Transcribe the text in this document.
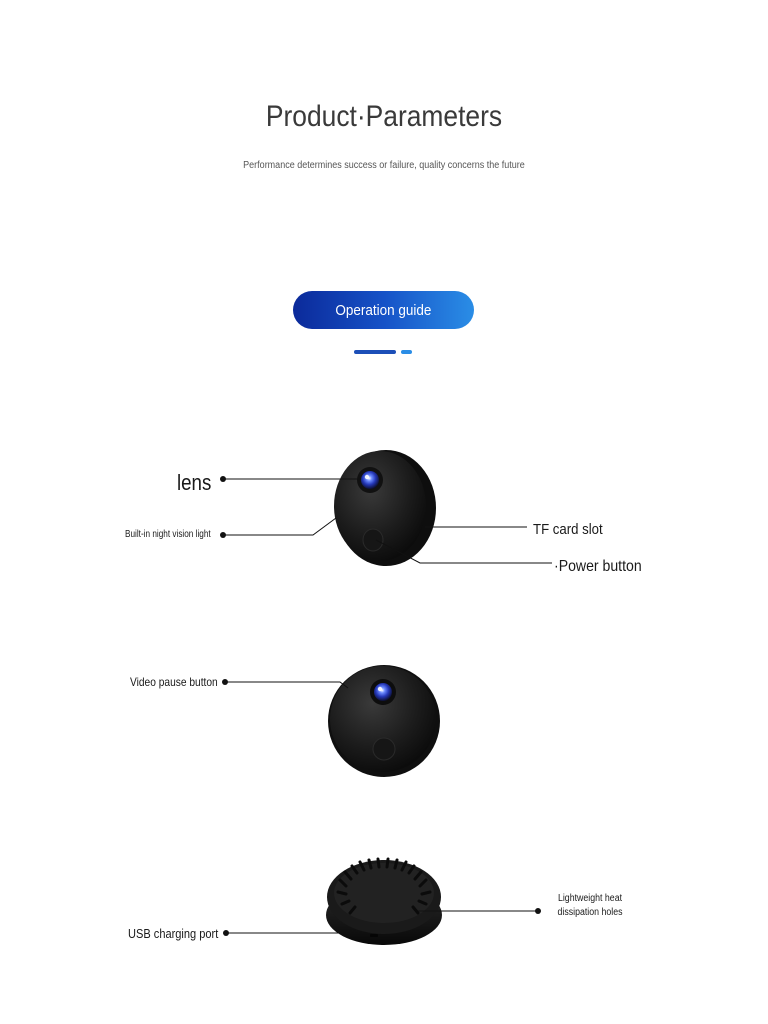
Product·Parameters
Performance determines success or failure, quality concerns the future
Operation guide
lens
Built-in night vision light	TF card slot
·Power button
Video pause button
USB charging port
Lightweight heat dissipation holes
